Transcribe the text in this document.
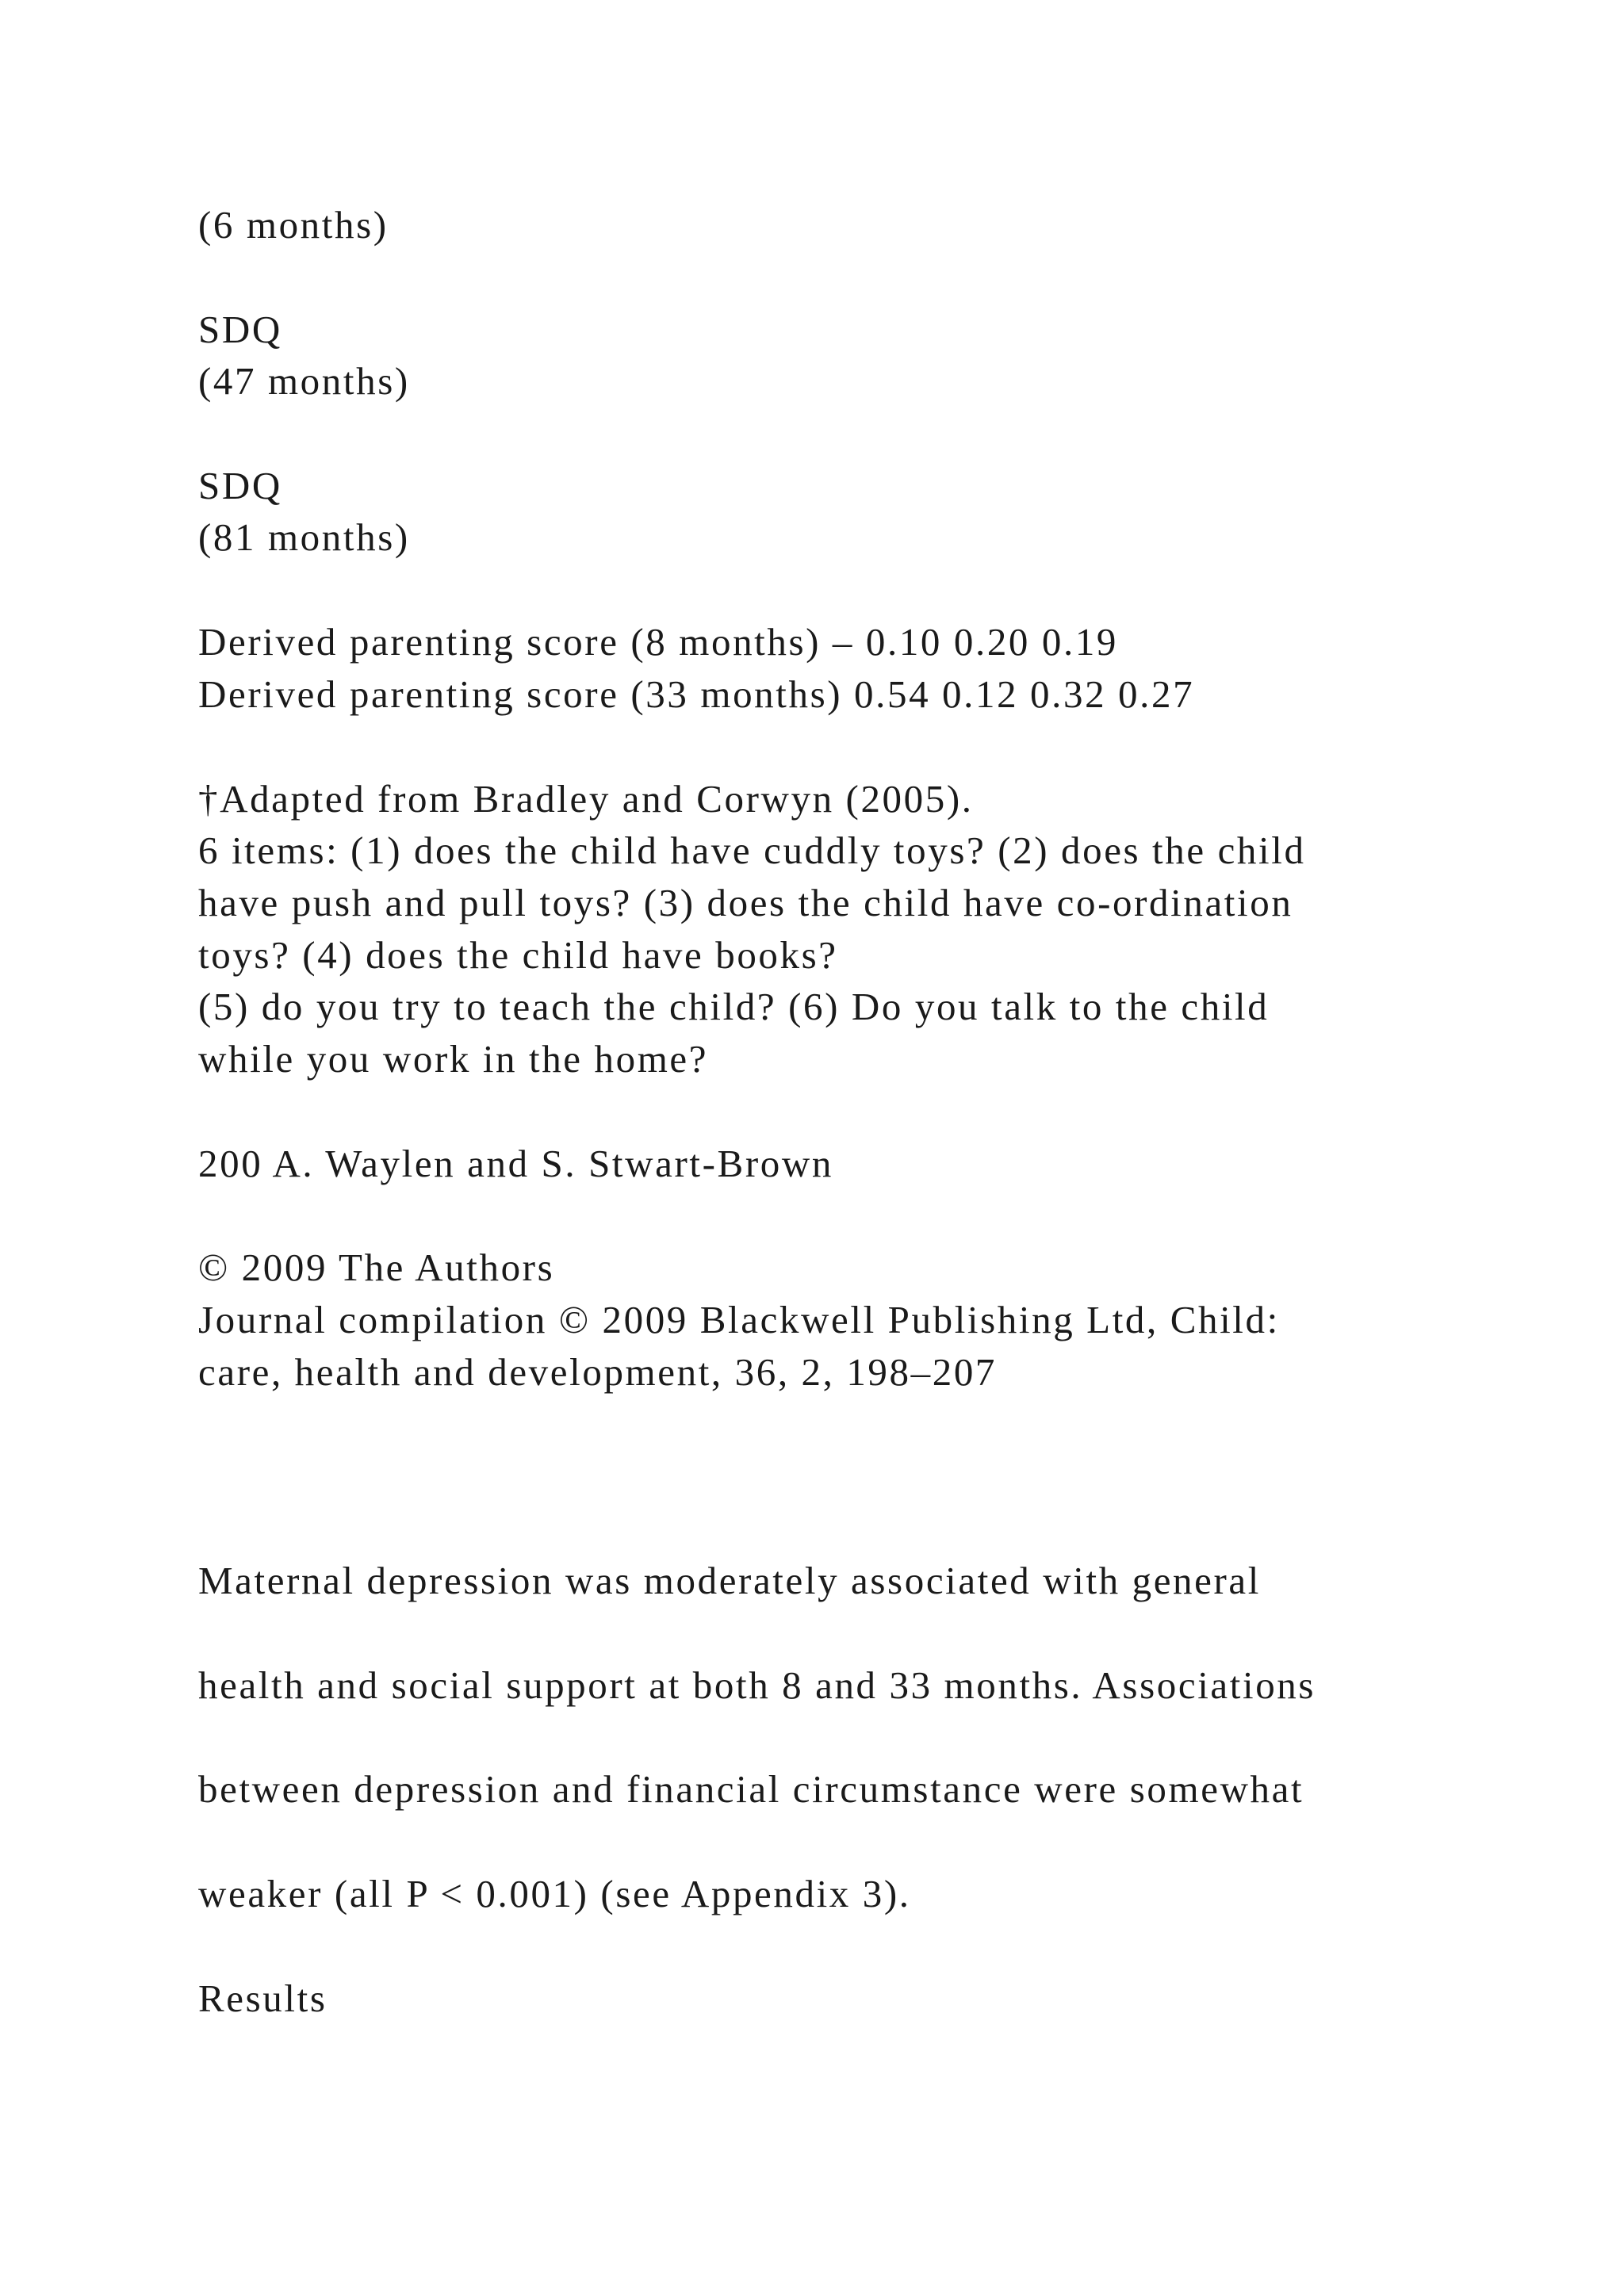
(6 months)
SDQ
(47 months)
SDQ
(81 months)
Derived parenting score (8 months) – 0.10 0.20 0.19
Derived parenting score (33 months) 0.54 0.12 0.32 0.27
†Adapted from Bradley and Corwyn (2005).
6 items: (1) does the child have cuddly toys? (2) does the child
have push and pull toys? (3) does the child have co-ordination
toys? (4) does the child have books?
(5) do you try to teach the child? (6) Do you talk to the child
while you work in the home?
200 A. Waylen and S. Stwart-Brown
© 2009 The Authors
Journal compilation © 2009 Blackwell Publishing Ltd, Child:
care, health and development, 36, 2, 198–207
Maternal depression was moderately associated with general
health and social support at both 8 and 33 months. Associations
between depression and financial circumstance were somewhat
weaker (all P < 0.001) (see Appendix 3).
Results
